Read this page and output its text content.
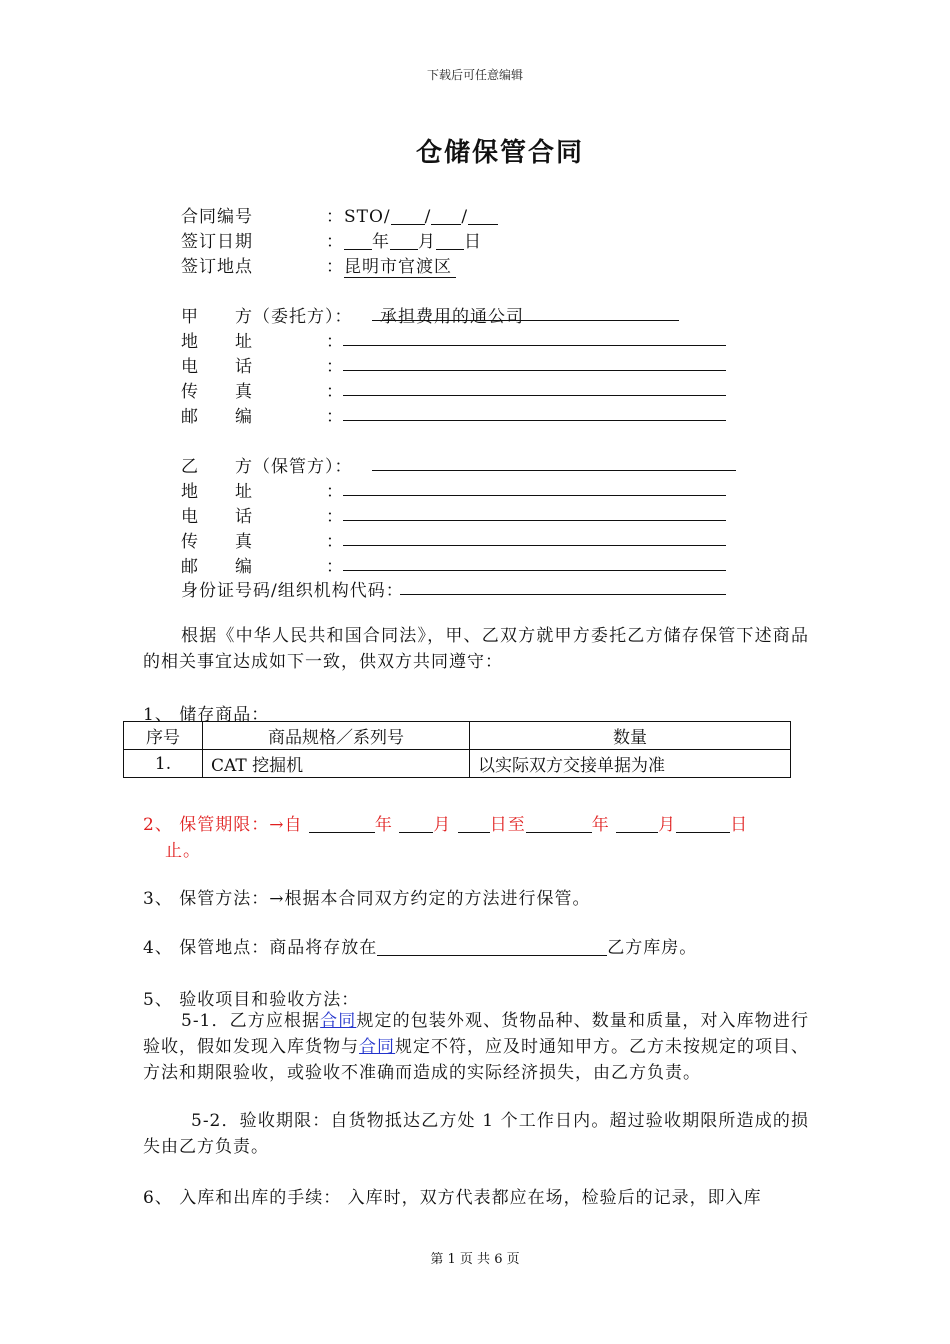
下载后可任意编辑
仓储保管合同
合同编号	：STO/ / /
签订日期	： 年 月 日
签订地点	：昆明市官渡区
甲　　方（委托方）： 承担费用的通公司
地　　址	：
电　　话	：
传　　真	：
邮　　编	：
乙　　方（保管方）：
地　　址	：
电　　话	：
传　　真	：
邮　　编	：
身份证号码/组织机构代码：
根据《中华人民共和国合同法》，甲、乙双方就甲方委托乙方储存保管下述商品的相关事宜达成如下一致，供双方共同遵守：
1、 储存商品：
序号	商品规格／系列号	数量
1.	CAT 挖掘机	以实际双方交接单据为准
2、 保管期限：→自	年 月 日至	年	月	日
止。
3、 保管方法：→根据本合同双方约定的方法进行保管。
4、 保管地点：商品将存放在	乙方库房。
5、 验收项目和验收方法：
5-1．乙方应根据合同规定的包装外观、货物品种、数量和质量，对入库物进行验收，假如发现入库货物与合同规定不符，应及时通知甲方。乙方未按规定的项目、方法和期限验收，或验收不准确而造成的实际经济损失，由乙方负责。
5-2．验收期限：自货物抵达乙方处 1 个工作日内。超过验收期限所造成的损失由乙方负责。
6、 入库和出库的手续： 入库时，双方代表都应在场，检验后的记录，即入库
第 1 页 共 6 页
